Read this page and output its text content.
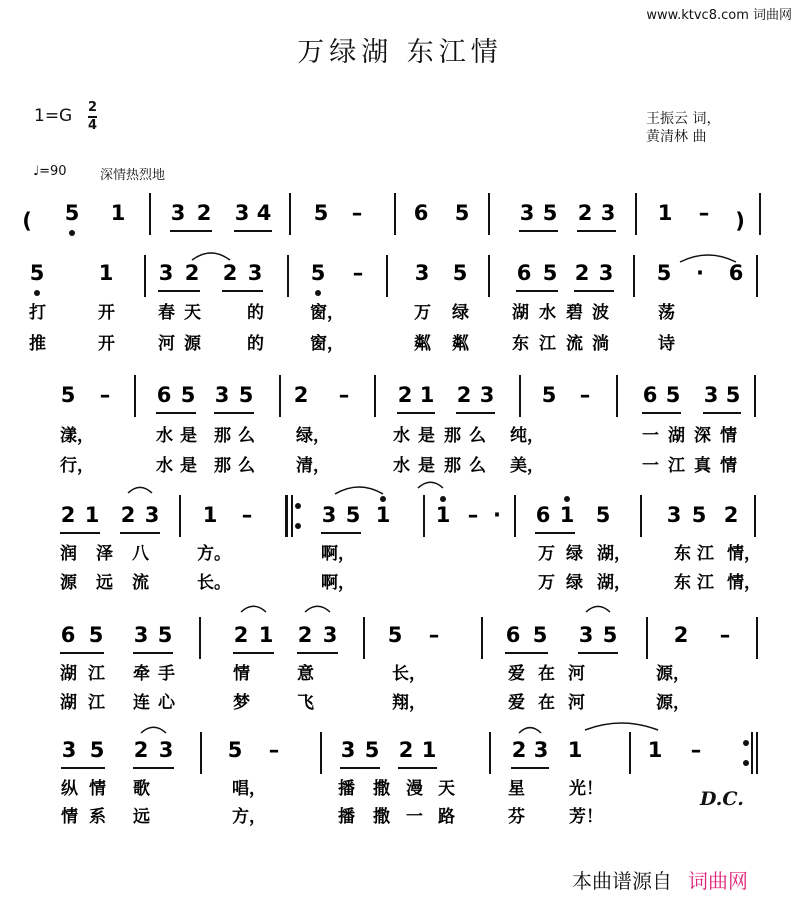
www.ktvc8.com 词曲网
万绿湖 东江情
1=G 2
4	王振云 词，
黄清林 曲
♩=90	深情热烈地
( 5 1 3 2 3 4 5 – 6 5 3 5 2 3 1 – )
5	1 3 2 2 3 5 – 3 5 6 5 2 3 5 · 6
打	开	春 天	的	窗，	万 绿	湖 水 碧 波	荡
推	开	河 源	的	窗，	粼 粼	东 江 流 淌	诗
5 – 6 5 3 5 2 – 2 1 2 3 5 – 6 5 3 5
漾，	水 是 那 么 绿，	水 是 那 么 纯，	一 湖 深 情
行，	水 是 那 么 清，	水 是 那 么 美，	一 江 真 情
2 1 2 3 1 –	3 5 1 1 – · 6 1 5	3 5 2
润 泽 八	方。	啊，	万 绿 湖，	东 江 情，
源 远 流	长。	啊，	万 绿 湖，	东 江 情，
6 5 3 5	2 1 2 3 5 –	6 5 3 5	2 –
湖 江 牵 手	情	意	长，	爱 在 河	源，
湖 江 连 心	梦	飞	翔，	爱 在 河	源，
3 5 2 3	5 –	3 5 2 1	2 3 1	1 –
纵 情 歌	唱，	播 撒 漫 天	星	光！
情 系 远	方，	播 撒 一 路	芬	芳！
D.C.
本曲谱源自 词曲网
